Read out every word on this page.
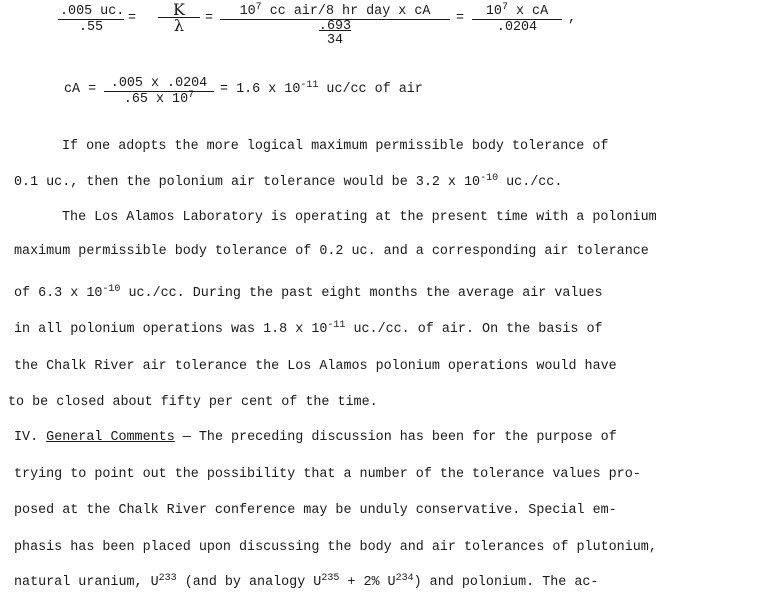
$\frac{.005 uc.}{.55} = \frac{K}{\lambda}$ =	$10^7$ cc air/8 hr day x cA
.693
34
= $\frac{10^7 x cA}{.0204}$ ,
cA = $\frac{.005 x .0204}{.65 x 10^7} = 1.6$ x $10^{-11}$ uc/cc of air
If one adopts the more logical maximum permissible body tolerance of
0.1 uc., then the polonium air tolerance would be 3.2 x $10^{-10}$ uc./cc.
The Los Alamos Laboratory is operating at the present time with a polonium
maximum permissible body tolerance of 0.2 uc. and a corresponding air tolerance
of 6.3 x $10^{-10}$ uc./cc. During the past eight months the average air values
in all polonium operations was 1.8 x $10^{-11}$ uc./cc. of air. On the basis of
the Chalk River air tolerance the Los Alamos polonium operations would have
to be closed about fifty per cent of the time.
IV. General Comments — The preceding discussion has been for the purpose of
trying to point out the possibility that a number of the tolerance values pro-
posed at the Chalk River conference may be unduly conservative. Special em-
phasis has been placed upon discussing the body and air tolerances of plutonium,
natural uranium, $U^{233}$ (and by analogy $U^{235} + 2\%$ $U^{234}$) and polonium. The ac-
